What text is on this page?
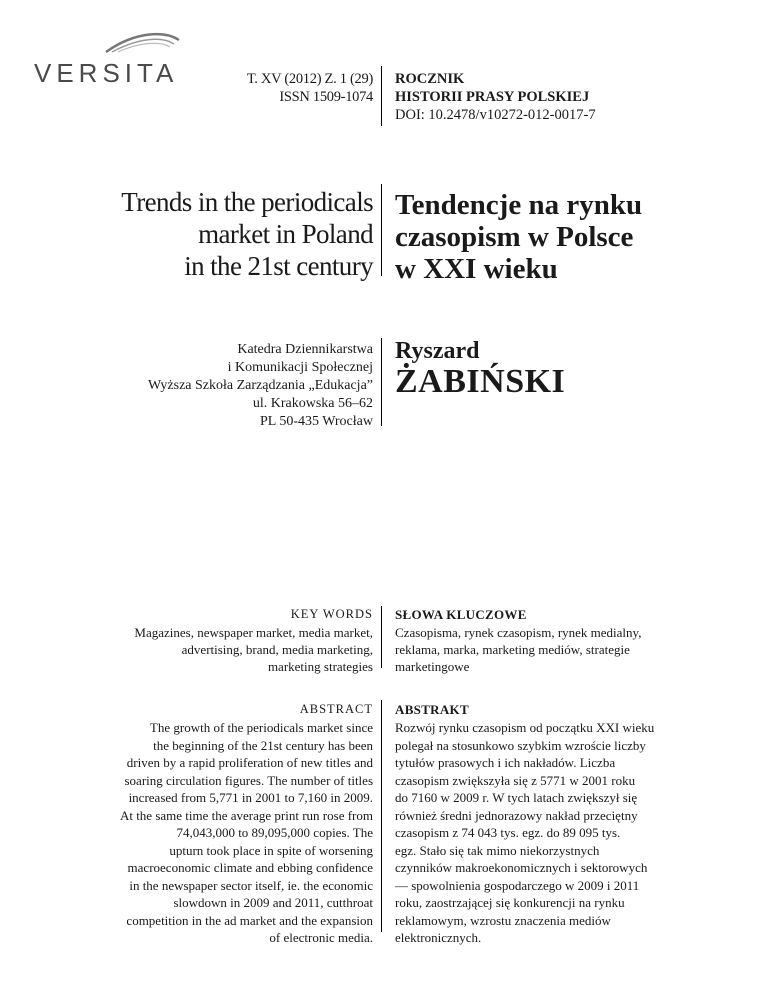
VERSITA	T. XV (2012) Z. 1 (29)
ISSN 1509-1074
ROCZNIK
HISTORII PRASY POLSKIEJ
DOI: 10.2478/v10272-012-0017-7
Trends in the periodicals
market in Poland
in the 21st century
Tendencje na rynku
czasopism w Polsce
w XXI wieku
Katedra Dziennikarstwa
i Komunikacji Społecznej
Wyższa Szkoła Zarządzania „Edukacja”
ul. Krakowska 56–62
PL 50-435 Wrocław
Ryszard
ŻABIŃSKI
KEY WORDS
Magazines, newspaper market, media market,
advertising, brand, media marketing,
marketing strategies
SŁOWA KLUCZOWE
Czasopisma, rynek czasopism, rynek medialny,
reklama, marka, marketing mediów, strategie
marketingowe
ABSTRACT
The growth of the periodicals market since
the beginning of the 21st century has been
driven by a rapid proliferation of new titles and
soaring circulation figures. The number of titles
increased from 5,771 in 2001 to 7,160 in 2009.
At the same time the average print run rose from
74,043,000 to 89,095,000 copies. The
upturn took place in spite of worsening
macroeconomic climate and ebbing confidence
in the newspaper sector itself, ie. the economic
slowdown in 2009 and 2011, cutthroat
competition in the ad market and the expansion
of electronic media.
ABSTRAKT
Rozwój rynku czasopism od początku XXI wieku
polegał na stosunkowo szybkim wzroście liczby
tytułów prasowych i ich nakładów. Liczba
czasopism zwiększyła się z 5771 w 2001 roku
do 7160 w 2009 r. W tych latach zwiększył się
również średni jednorazowy nakład przeciętny
czasopism z 74 043 tys. egz. do 89 095 tys.
egz. Stało się tak mimo niekorzystnych
czynników makroekonomicznych i sektorowych
— spowolnienia gospodarczego w 2009 i 2011
roku, zaostrzającej się konkurencji na rynku
reklamowym, wzrostu znaczenia mediów
elektronicznych.
